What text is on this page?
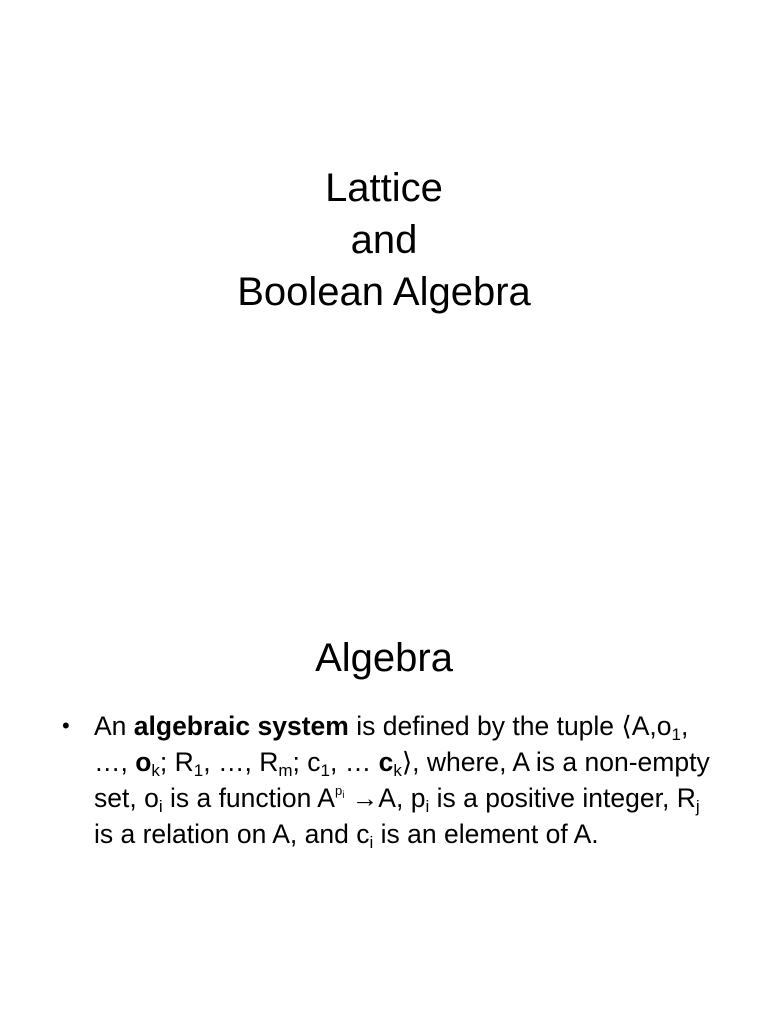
Lattice
and
Boolean Algebra
Algebra
• An algebraic system is defined by the tuple $⟨A,o_1$, …, $o_k$; $R_1$, …, $R_m$; $c_1$, … $c_k⟩$, where, A is a non-empty set, $o_i$ is a function $A^{p_i} \to A$, $p_i$ is a positive integer, $R_j$ is a relation on A, and $c_i$ is an element of A.
